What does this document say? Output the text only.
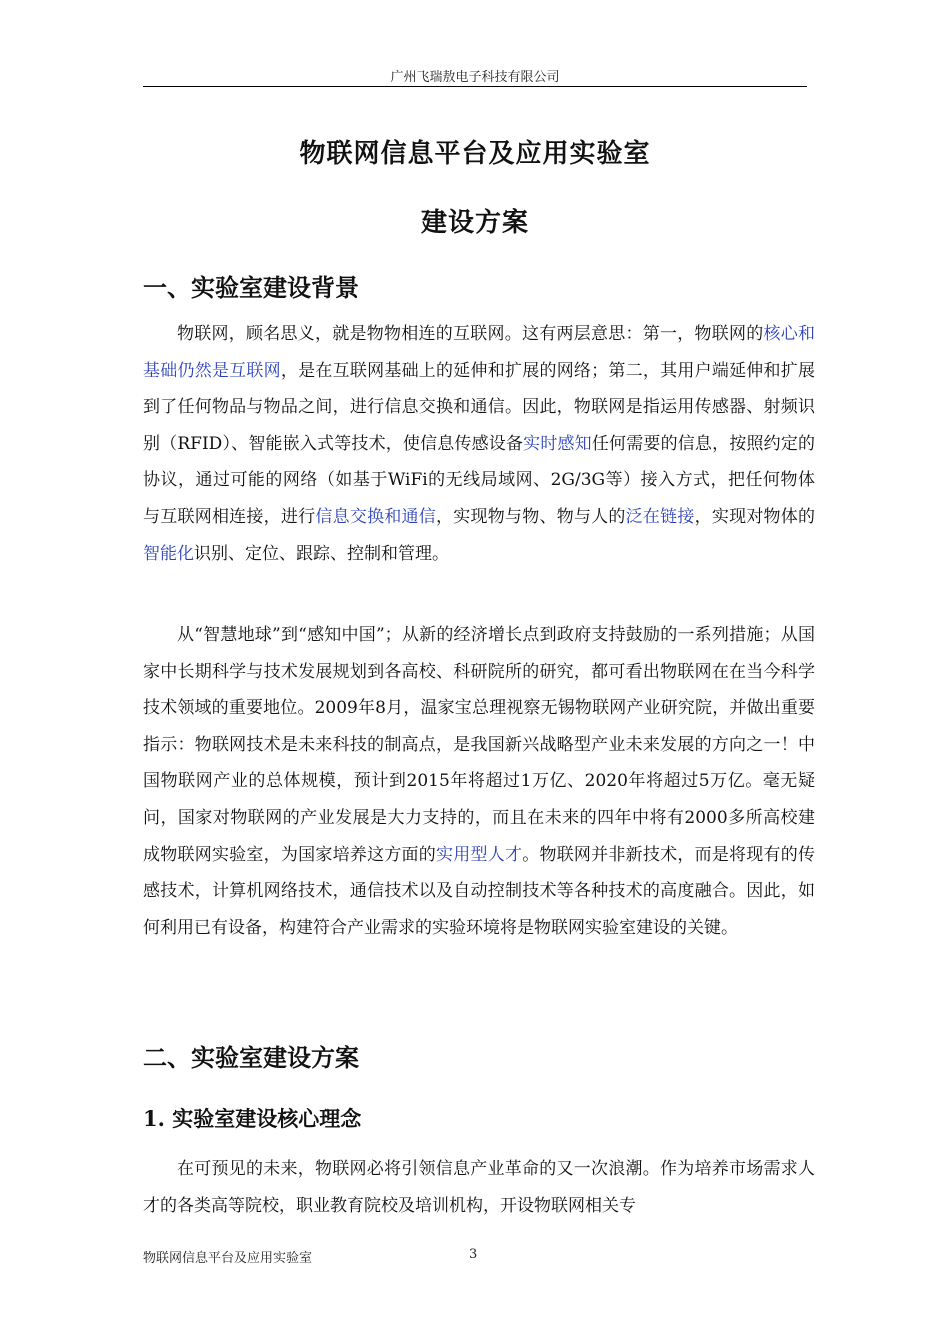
广州飞瑞敖电子科技有限公司
物联网信息平台及应用实验室
建设方案
一、实验室建设背景

物联网，顾名思义，就是物物相连的互联网。这有两层意思：第一，物联网的核心和基础仍然是互联网，是在互联网基础上的延伸和扩展的网络；第二，其用户端延伸和扩展到了任何物品与物品之间，进行信息交换和通信。因此，物联网是指运用传感器、射频识别（RFID）、智能嵌入式等技术，使信息传感设备实时感知任何需要的信息，按照约定的协议，通过可能的网络（如基于WiFi的无线局域网、2G/3G等）接入方式，把任何物体与互联网相连接，进行信息交换和通信，实现物与物、物与人的泛在链接，实现对物体的智能化识别、定位、跟踪、控制和管理。

从“智慧地球”到“感知中国”；从新的经济增长点到政府支持鼓励的一系列措施；从国家中长期科学与技术发展规划到各高校、科研院所的研究，都可看出物联网在在当今科学技术领域的重要地位。2009年8月，温家宝总理视察无锡物联网产业研究院，并做出重要指示：物联网技术是未来科技的制高点，是我国新兴战略型产业未来发展的方向之一！中国物联网产业的总体规模，预计到2015年将超过1万亿、2020年将超过5万亿。毫无疑问，国家对物联网的产业发展是大力支持的，而且在未来的四年中将有2000多所高校建成物联网实验室，为国家培养这方面的实用型人才。物联网并非新技术，而是将现有的传感技术，计算机网络技术，通信技术以及自动控制技术等各种技术的高度融合。因此，如何利用已有设备，构建符合产业需求的实验环境将是物联网实验室建设的关键。

二、实验室建设方案
1. 实验室建设核心理念

在可预见的未来，物联网必将引领信息产业革命的又一次浪潮。作为培养市场需求人才的各类高等院校，职业教育院校及培训机构，开设物联网相关专

物联网信息平台及应用实验室	3
